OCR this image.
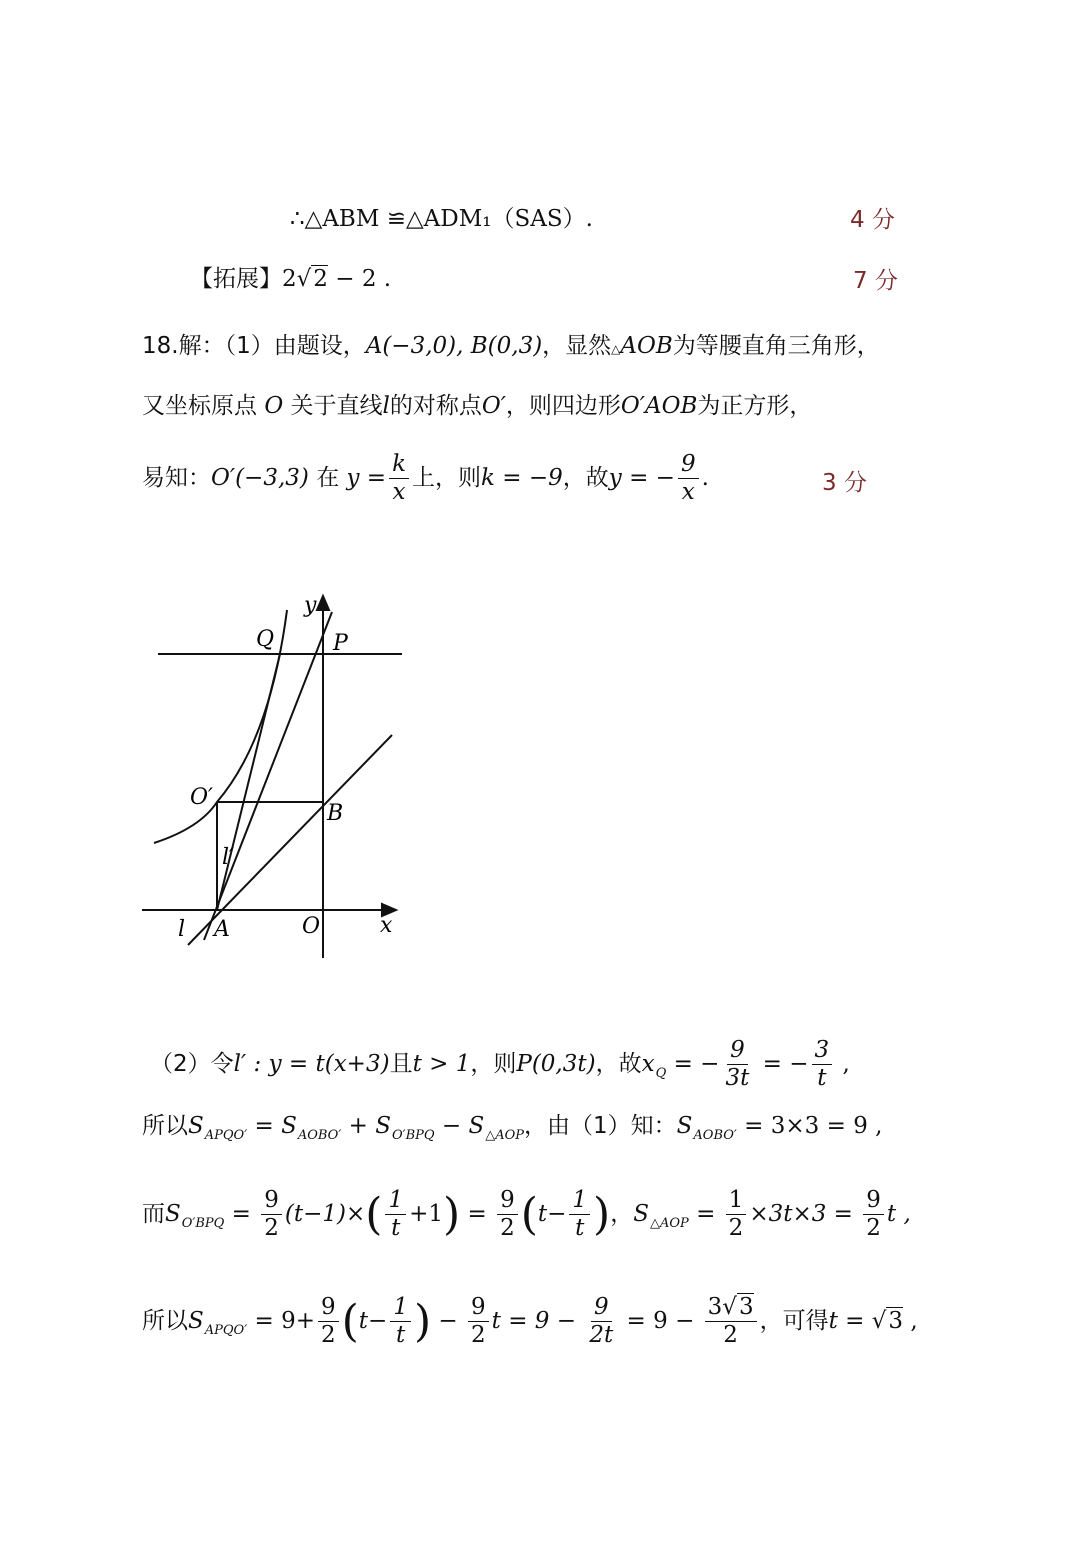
∴△ABM ≌△ADM₁（SAS）.	4 分
【拓展】2√2 − 2 .	7 分
18.解：（1）由题设，A(−3,0), B(0,3)，显然△AOB为等腰直角三角形，
又坐标原点 O 关于直线l的对称点O′，则四边形O′AOB为正方形，
易知：O′(−3,3) 在 $y = \frac{k}{x}$ 上，则k = −9，故y = − $\frac{9}{x}$ .	3 分
y
Q	P
O′
B
l′
l A	O	x
（2）令l′ : y = t(x+3)且t > 1，则P(0,3t)，故$x_Q$ = − $\frac{9}{3t}$ = − $\frac{3}{t}$ ,
所以$S_{APQO'} = S_{AOBO'} + S_{O'BPQ} - S_{\triangle AOP}$，由（1）知：$S_{AOBO'} = 3\times 3 = 9$ ,
而$S_{O'BPQ} = \frac{9}{2} (t-1)\times( \frac{1}{t} +1) = \frac{9}{2} (t- \frac{1}{t}$ )，$S_{\triangle AOP} = \frac{1}{2} \times 3t\times 3 = \frac{9}{2}$ t ,
所以$S_{APQO'} = 9+ \frac{9}{2} (t- \frac{1}{t}$ ) − $\frac{9}{2}$ $t = 9 - \frac{9}{2t} = 9 - \frac{3√3}{2}$ ，可得t = √3 ,
